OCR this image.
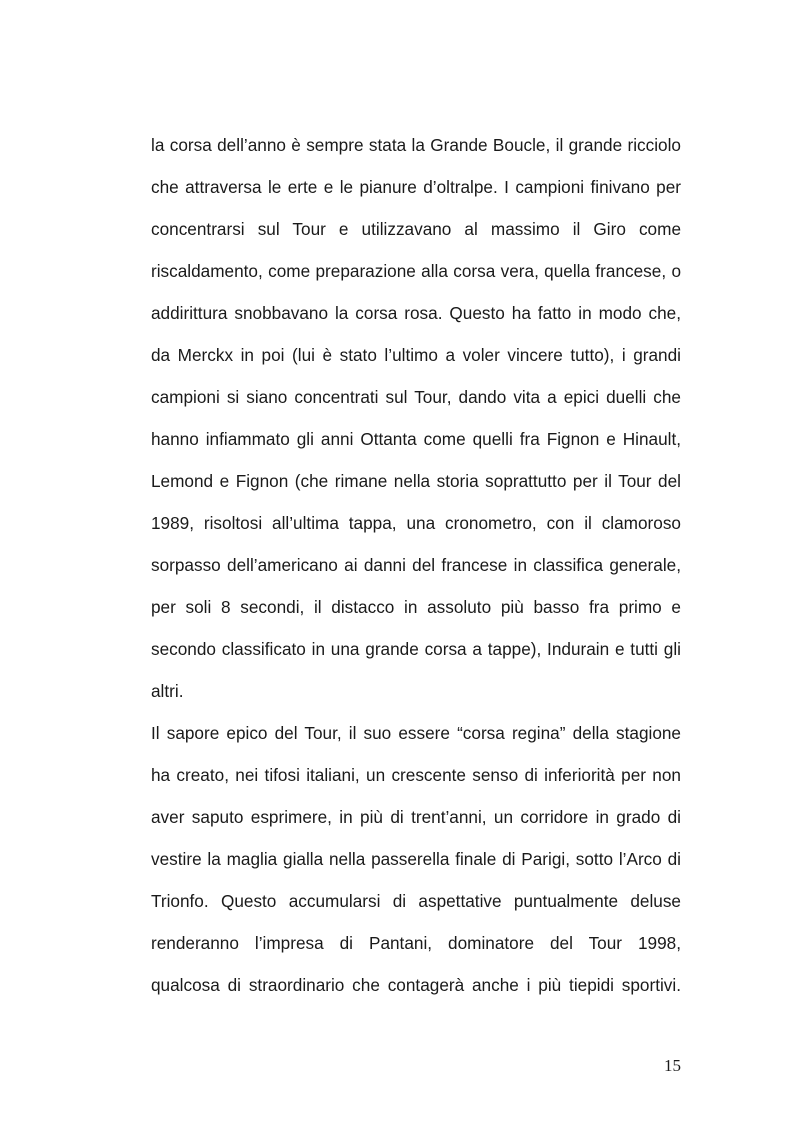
la corsa dell’anno è sempre stata la Grande Boucle, il grande ricciolo
che attraversa le erte e le pianure d’oltralpe. I campioni finivano per
concentrarsi sul Tour e utilizzavano al massimo il Giro come
riscaldamento, come preparazione alla corsa vera, quella francese, o
addirittura snobbavano la corsa rosa. Questo ha fatto in modo che,
da Merckx in poi (lui è stato l’ultimo a voler vincere tutto), i grandi
campioni si siano concentrati sul Tour, dando vita a epici duelli che
hanno infiammato gli anni Ottanta come quelli fra Fignon e Hinault,
Lemond e Fignon (che rimane nella storia soprattutto per il Tour del
1989, risoltosi all’ultima tappa, una cronometro, con il clamoroso
sorpasso dell’americano ai danni del francese in classifica generale,
per soli 8 secondi, il distacco in assoluto più basso fra primo e
secondo classificato in una grande corsa a tappe), Indurain e tutti gli
altri.
Il sapore epico del Tour, il suo essere “corsa regina” della stagione
ha creato, nei tifosi italiani, un crescente senso di inferiorità per non
aver saputo esprimere, in più di trent’anni, un corridore in grado di
vestire la maglia gialla nella passerella finale di Parigi, sotto l’Arco di
Trionfo. Questo accumularsi di aspettative puntualmente deluse
renderanno l’impresa di Pantani, dominatore del Tour 1998,
qualcosa di straordinario che contagerà anche i più tiepidi sportivi.
15
